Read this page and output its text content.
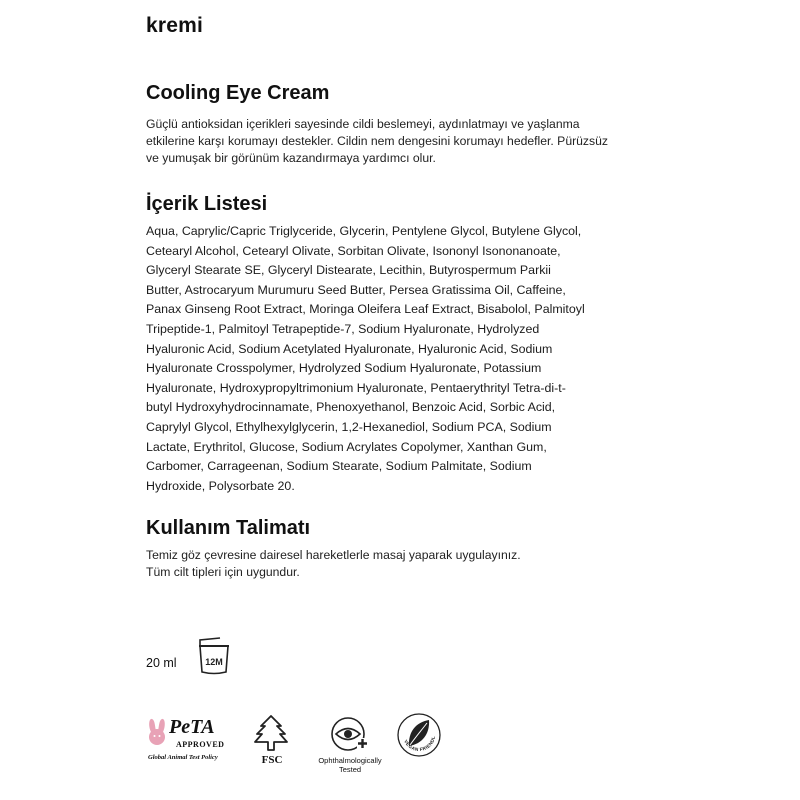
kremi
Cooling Eye Cream
Güçlü antioksidan içerikleri sayesinde cildi beslemeyi, aydınlatmayı ve yaşlanma etkilerine karşı korumayı destekler. Cildin nem dengesini korumayı hedefler. Pürüzsüz ve yumuşak bir görünüm kazandırmaya yardımcı olur.
İçerik Listesi
Aqua, Caprylic/Capric Triglyceride, Glycerin, Pentylene Glycol, Butylene Glycol, Cetearyl Alcohol, Cetearyl Olivate, Sorbitan Olivate, Isononyl Isononanoate, Glyceryl Stearate SE, Glyceryl Distearate, Lecithin, Butyrospermum Parkii Butter, Astrocaryum Murumuru Seed Butter, Persea Gratissima Oil, Caffeine, Panax Ginseng Root Extract, Moringa Oleifera Leaf Extract, Bisabolol, Palmitoyl Tripeptide-1, Palmitoyl Tetrapeptide-7, Sodium Hyaluronate, Hydrolyzed Hyaluronic Acid, Sodium Acetylated Hyaluronate, Hyaluronic Acid, Sodium Hyaluronate Crosspolymer, Hydrolyzed Sodium Hyaluronate, Potassium Hyaluronate, Hydroxypropyltrimonium Hyaluronate, Pentaerythrityl Tetra-di-t-butyl Hydroxyhydrocinnamate, Phenoxyethanol, Benzoic Acid, Sorbic Acid, Caprylyl Glycol, Ethylhexylglycerin, 1,2-Hexanediol, Sodium PCA, Sodium Lactate, Erythritol, Glucose, Sodium Acrylates Copolymer, Xanthan Gum, Carbomer, Carrageenan, Sodium Stearate, Sodium Palmitate, Sodium Hydroxide, Polysorbate 20.
Kullanım Talimatı
Temiz göz çevresine dairesel hareketlerle masaj yaparak uygulayınız.
Tüm cilt tipleri için uygundur.
20 ml	12M
PeTA
APPROVED
Global Animal Test Policy	FSC	Ophthalmologically
Tested
VEGAN FRIENDL
